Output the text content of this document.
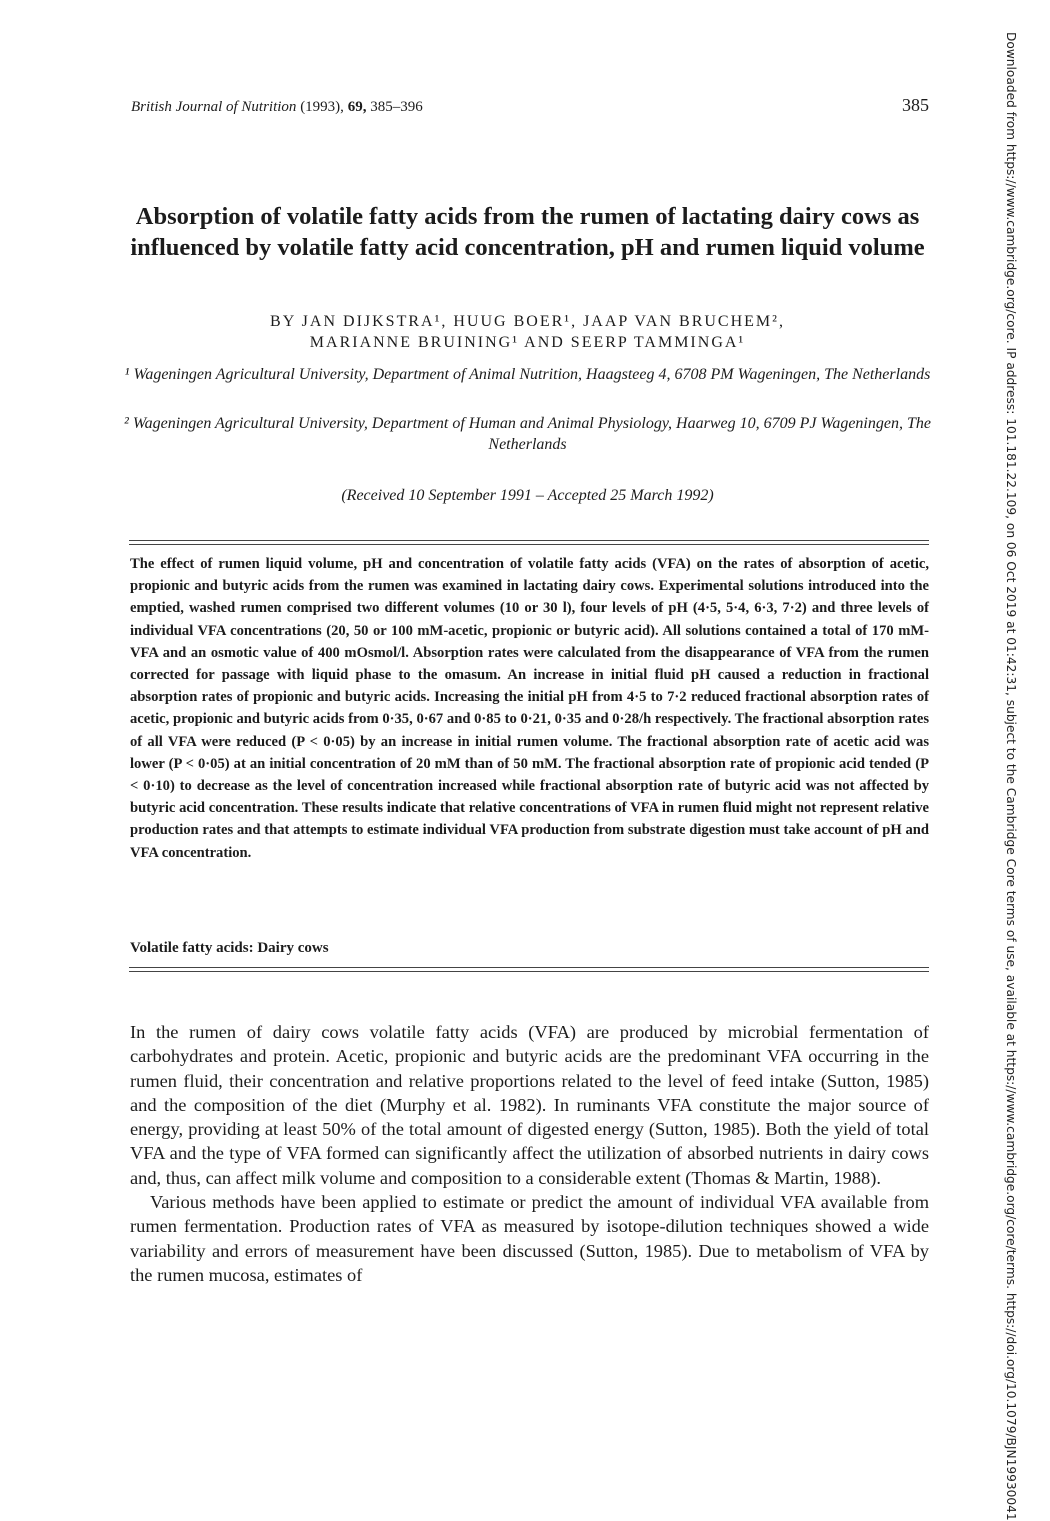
British Journal of Nutrition (1993), 69, 385–396	385
Absorption of volatile fatty acids from the rumen of lactating dairy cows as influenced by volatile fatty acid concentration, pH and rumen liquid volume
BY JAN DIJKSTRA¹, HUUG BOER¹, JAAP VAN BRUCHEM²,
MARIANNE BRUINING¹ AND SEERP TAMMINGA¹

¹ Wageningen Agricultural University, Department of Animal Nutrition, Haagsteeg 4, 6708 PM Wageningen, The Netherlands

² Wageningen Agricultural University, Department of Human and Animal Physiology, Haarweg 10, 6709 PJ Wageningen, The Netherlands

(Received 10 September 1991 – Accepted 25 March 1992)

The effect of rumen liquid volume, pH and concentration of volatile fatty acids (VFA) on the rates of absorption of acetic, propionic and butyric acids from the rumen was examined in lactating dairy cows. Experimental solutions introduced into the emptied, washed rumen comprised two different volumes (10 or 30 l), four levels of pH (4·5, 5·4, 6·3, 7·2) and three levels of individual VFA concentrations (20, 50 or 100 mM-acetic, propionic or butyric acid). All solutions contained a total of 170 mM-VFA and an osmotic value of 400 mOsmol/l. Absorption rates were calculated from the disappearance of VFA from the rumen corrected for passage with liquid phase to the omasum. An increase in initial fluid pH caused a reduction in fractional absorption rates of propionic and butyric acids. Increasing the initial pH from 4·5 to 7·2 reduced fractional absorption rates of acetic, propionic and butyric acids from 0·35, 0·67 and 0·85 to 0·21, 0·35 and 0·28/h respectively. The fractional absorption rates of all VFA were reduced (P < 0·05) by an increase in initial rumen volume. The fractional absorption rate of acetic acid was lower (P < 0·05) at an initial concentration of 20 mM than of 50 mM. The fractional absorption rate of propionic acid tended (P < 0·10) to decrease as the level of concentration increased while fractional absorption rate of butyric acid was not affected by butyric acid concentration. These results indicate that relative concentrations of VFA in rumen fluid might not represent relative production rates and that attempts to estimate individual VFA production from substrate digestion must take account of pH and VFA concentration.

Volatile fatty acids: Dairy cows

In the rumen of dairy cows volatile fatty acids (VFA) are produced by microbial fermentation of carbohydrates and protein. Acetic, propionic and butyric acids are the predominant VFA occurring in the rumen fluid, their concentration and relative proportions related to the level of feed intake (Sutton, 1985) and the composition of the diet (Murphy et al. 1982). In ruminants VFA constitute the major source of energy, providing at least 50% of the total amount of digested energy (Sutton, 1985). Both the yield of total VFA and the type of VFA formed can significantly affect the utilization of absorbed nutrients in dairy cows and, thus, can affect milk volume and composition to a considerable extent (Thomas & Martin, 1988).

Various methods have been applied to estimate or predict the amount of individual VFA available from rumen fermentation. Production rates of VFA as measured by isotope-dilution techniques showed a wide variability and errors of measurement have been discussed (Sutton, 1985). Due to metabolism of VFA by the rumen mucosa, estimates of	Downloaded from https://www.cambridge.org/core. IP address: 101.181.22.109, on 06 Oct 2019 at 01:42:31, subject to the Cambridge Core terms of use, available at https://www.cambridge.org/core/terms. https://doi.org/10.1079/BJN19930041
